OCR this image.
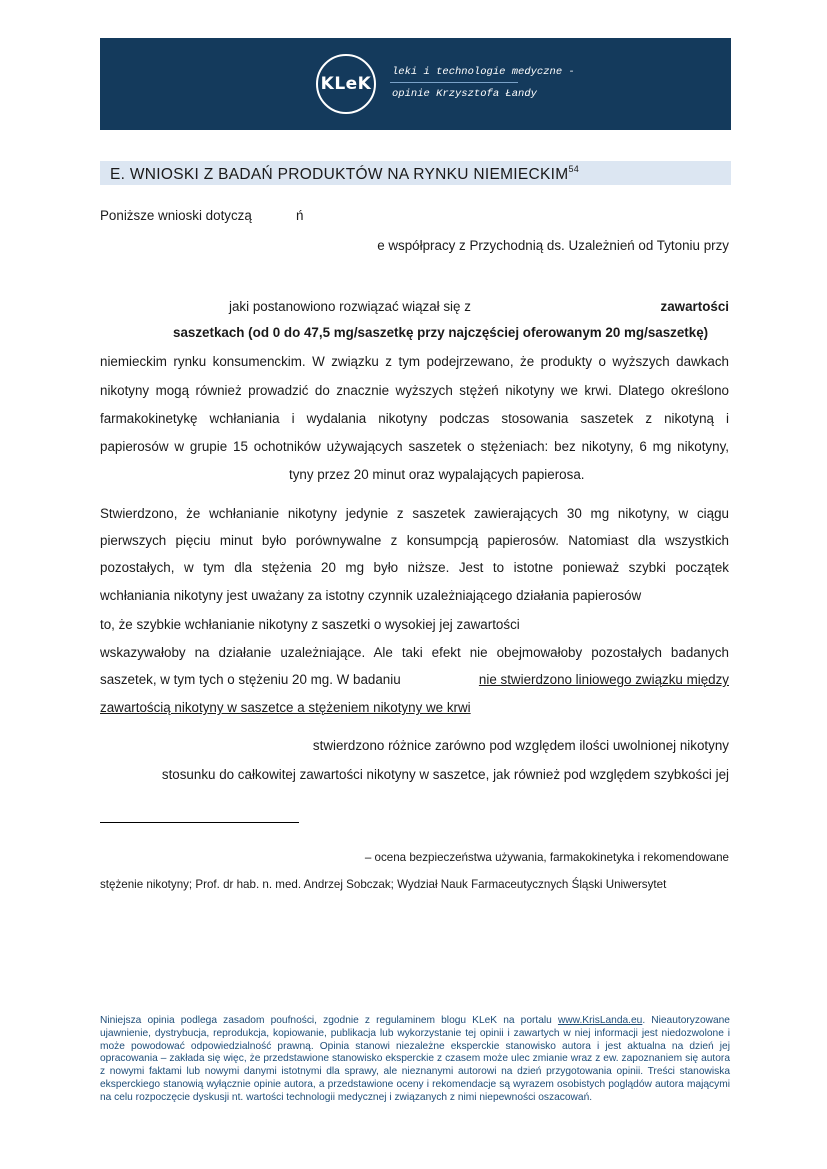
KLeK
leki i technologie medyczne -
opinie Krzysztofa Łandy
E. WNIOSKI Z BADAŃ PRODUKTÓW NA RYNKU NIEMIECKIM$^{54}$
Poniższe wnioski dotyczą	ń
e współpracy z Przychodnią ds. Uzależnień od Tytoniu przy
jaki postanowiono rozwiązać wiązał się z	zawartości
saszetkach (od 0 do 47,5 mg/saszetkę przy najczęściej oferowanym 20 mg/saszetkę)
niemieckim rynku konsumenckim. W związku z tym podejrzewano, że produkty o wyższych dawkach
nikotyny mogą również prowadzić do znacznie wyższych stężeń nikotyny we krwi. Dlatego określono
farmakokinetykę wchłaniania i wydalania nikotyny podczas stosowania saszetek z nikotyną i
papierosów w grupie 15 ochotników używających saszetek o stężeniach: bez nikotyny, 6 mg nikotyny,
tyny przez 20 minut oraz wypalających papierosa.
Stwierdzono, że wchłanianie nikotyny jedynie z saszetek zawierających 30 mg nikotyny, w ciągu
pierwszych pięciu minut było porównywalne z konsumpcją papierosów. Natomiast dla wszystkich
pozostałych, w tym dla stężenia 20 mg było niższe. Jest to istotne ponieważ szybki początek
wchłaniania nikotyny jest uważany za istotny czynnik uzależniającego działania papierosów
to, że szybkie wchłanianie nikotyny z saszetki o wysokiej jej zawartości
wskazywałoby na działanie uzależniające. Ale taki efekt nie obejmowałoby pozostałych badanych
saszetek, w tym tych o stężeniu 20 mg. W badaniu	nie stwierdzono liniowego związku między
zawartością nikotyny w saszetce a stężeniem nikotyny we krwi
stwierdzono różnice zarówno pod względem ilości uwolnionej nikotyny
stosunku do całkowitej zawartości nikotyny w saszetce, jak również pod względem szybkości jej
– ocena bezpieczeństwa używania, farmakokinetyka i rekomendowane
stężenie nikotyny; Prof. dr hab. n. med. Andrzej Sobczak; Wydział Nauk Farmaceutycznych Śląski Uniwersytet
Niniejsza opinia podlega zasadom poufności, zgodnie z regulaminem blogu KLeK na portalu www.KrisLanda.eu. Nieautoryzowane ujawnienie, dystrybucja, reprodukcja, kopiowanie, publikacja lub wykorzystanie tej opinii i zawartych w niej informacji jest niedozwolone i może powodować odpowiedzialność prawną. Opinia stanowi niezależne eksperckie stanowisko autora i jest aktualna na dzień jej opracowania – zakłada się więc, że przedstawione stanowisko eksperckie z czasem może ulec zmianie wraz z ew. zapoznaniem się autora z nowymi faktami lub nowymi danymi istotnymi dla sprawy, ale nieznanymi autorowi na dzień przygotowania opinii. Treści stanowiska eksperckiego stanowią wyłącznie opinie autora, a przedstawione oceny i rekomendacje są wyrazem osobistych poglądów autora mającymi na celu rozpoczęcie dyskusji nt. wartości technologii medycznej i związanych z nimi niepewności oszacowań.
